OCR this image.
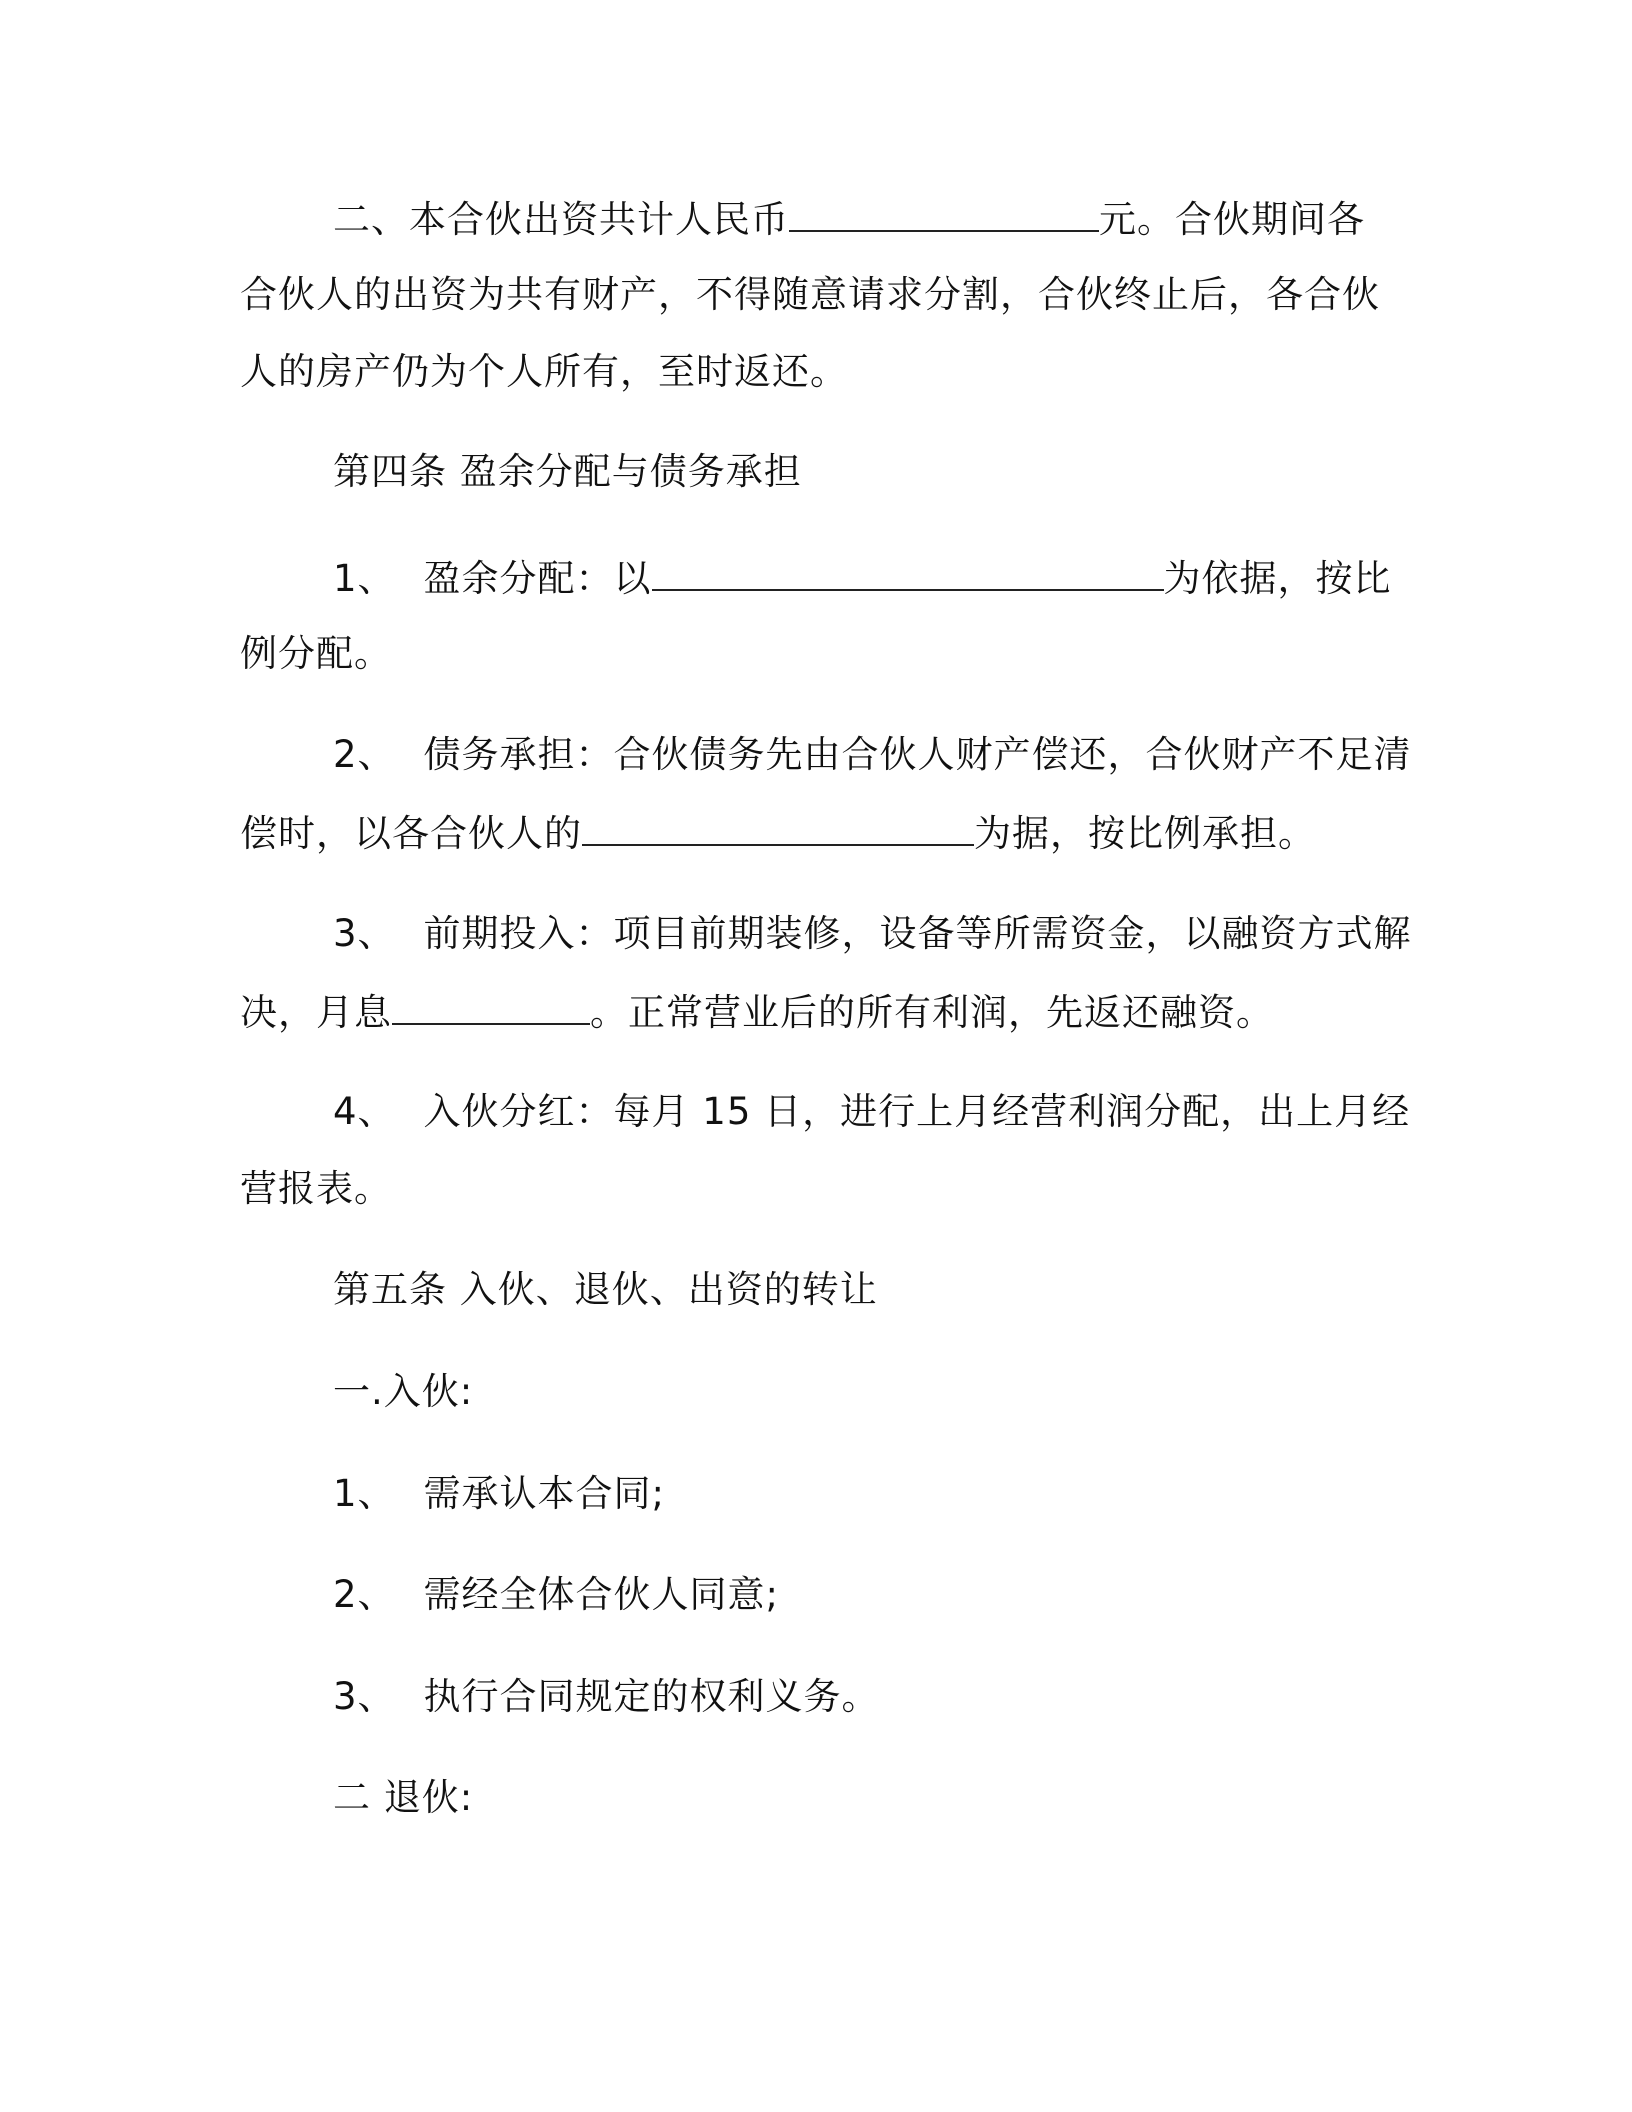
二、本合伙出资共计人民币	元。合伙期间各
合伙人的出资为共有财产，不得随意请求分割，合伙终止后，各合伙
人的房产仍为个人所有，至时返还。
第四条 盈余分配与债务承担
1、 盈余分配：以	为依据，按比
例分配。
2、 债务承担：合伙债务先由合伙人财产偿还，合伙财产不足清
偿时，以各合伙人的	为据，按比例承担。
3、 前期投入：项目前期装修，设备等所需资金，以融资方式解
决，月息	。正常营业后的所有利润，先返还融资。
4、 入伙分红：每月 15 日，进行上月经营利润分配，出上月经
营报表。
第五条 入伙、退伙、出资的转让
一.入伙:
1、 需承认本合同;
2、 需经全体合伙人同意;
3、 执行合同规定的权利义务。
二 退伙:
